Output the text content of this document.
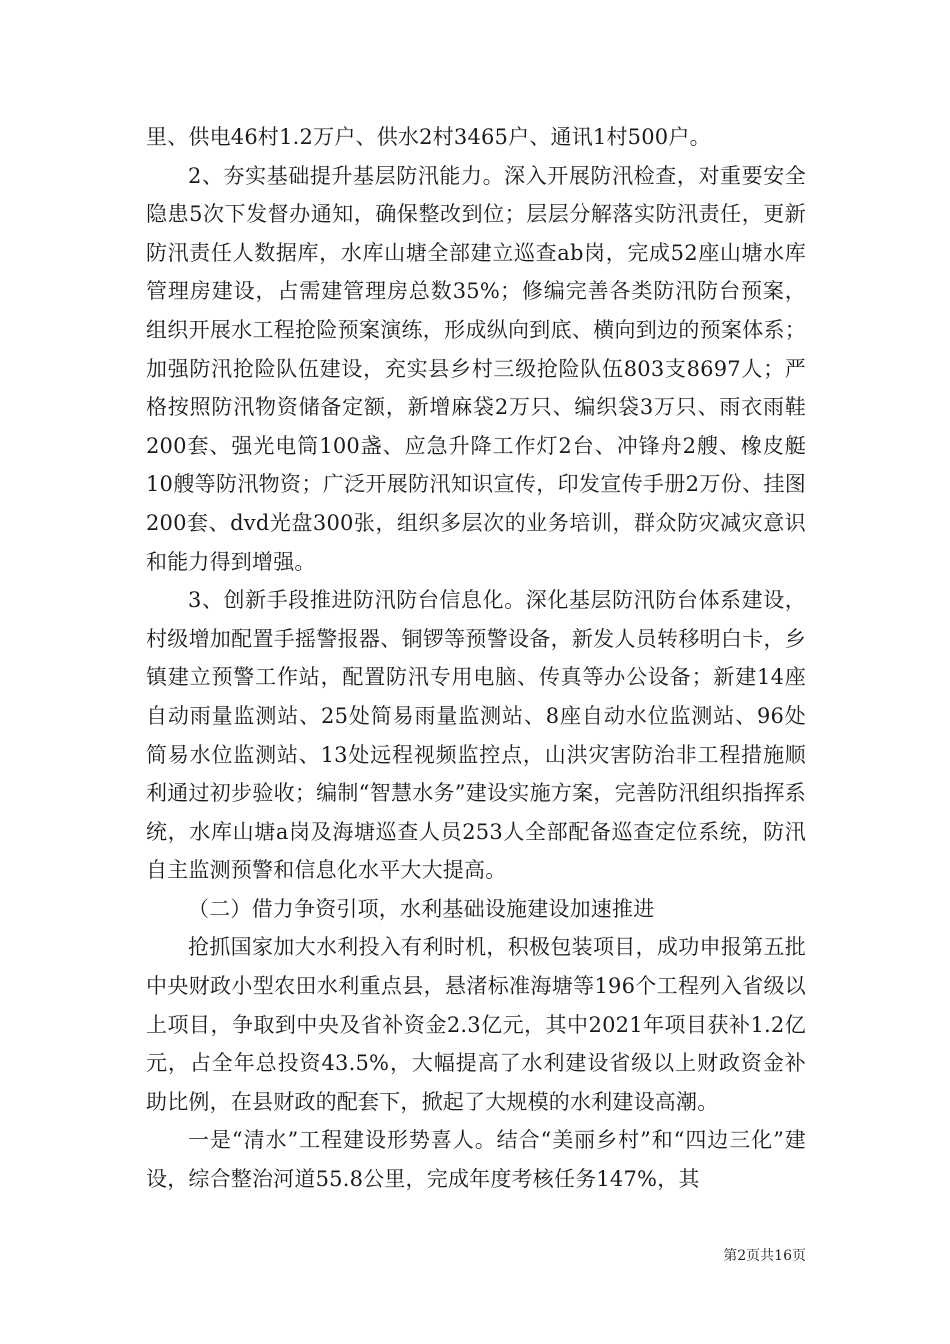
里、供电46村1.2万户、供水2村3465户、通讯1村500户。

2、夯实基础提升基层防汛能力。深入开展防汛检查，对重要安全隐患5次下发督办通知，确保整改到位；层层分解落实防汛责任，更新防汛责任人数据库，水库山塘全部建立巡查ab岗，完成52座山塘水库管理房建设，占需建管理房总数35%；修编完善各类防汛防台预案，组织开展水工程抢险预案演练，形成纵向到底、横向到边的预案体系；加强防汛抢险队伍建设，充实县乡村三级抢险队伍803支8697人；严格按照防汛物资储备定额，新增麻袋2万只、编织袋3万只、雨衣雨鞋200套、强光电筒100盏、应急升降工作灯2台、冲锋舟2艘、橡皮艇10艘等防汛物资；广泛开展防汛知识宣传，印发宣传手册2万份、挂图200套、dvd光盘300张，组织多层次的业务培训，群众防灾减灾意识和能力得到增强。

3、创新手段推进防汛防台信息化。深化基层防汛防台体系建设，村级增加配置手摇警报器、铜锣等预警设备，新发人员转移明白卡，乡镇建立预警工作站，配置防汛专用电脑、传真等办公设备；新建14座自动雨量监测站、25处简易雨量监测站、8座自动水位监测站、96处简易水位监测站、13处远程视频监控点，山洪灾害防治非工程措施顺利通过初步验收；编制“智慧水务”建设实施方案，完善防汛组织指挥系统，水库山塘a岗及海塘巡查人员253人全部配备巡查定位系统，防汛自主监测预警和信息化水平大大提高。

（二）借力争资引项，水利基础设施建设加速推进

抢抓国家加大水利投入有利时机，积极包装项目，成功申报第五批中央财政小型农田水利重点县，悬渚标准海塘等196个工程列入省级以上项目，争取到中央及省补资金2.3亿元，其中2021年项目获补1.2亿元，占全年总投资43.5%，大幅提高了水利建设省级以上财政资金补助比例，在县财政的配套下，掀起了大规模的水利建设高潮。

一是“清水”工程建设形势喜人。结合“美丽乡村”和“四边三化”建设，综合整治河道55.8公里，完成年度考核任务147%，其

第2页共16页
